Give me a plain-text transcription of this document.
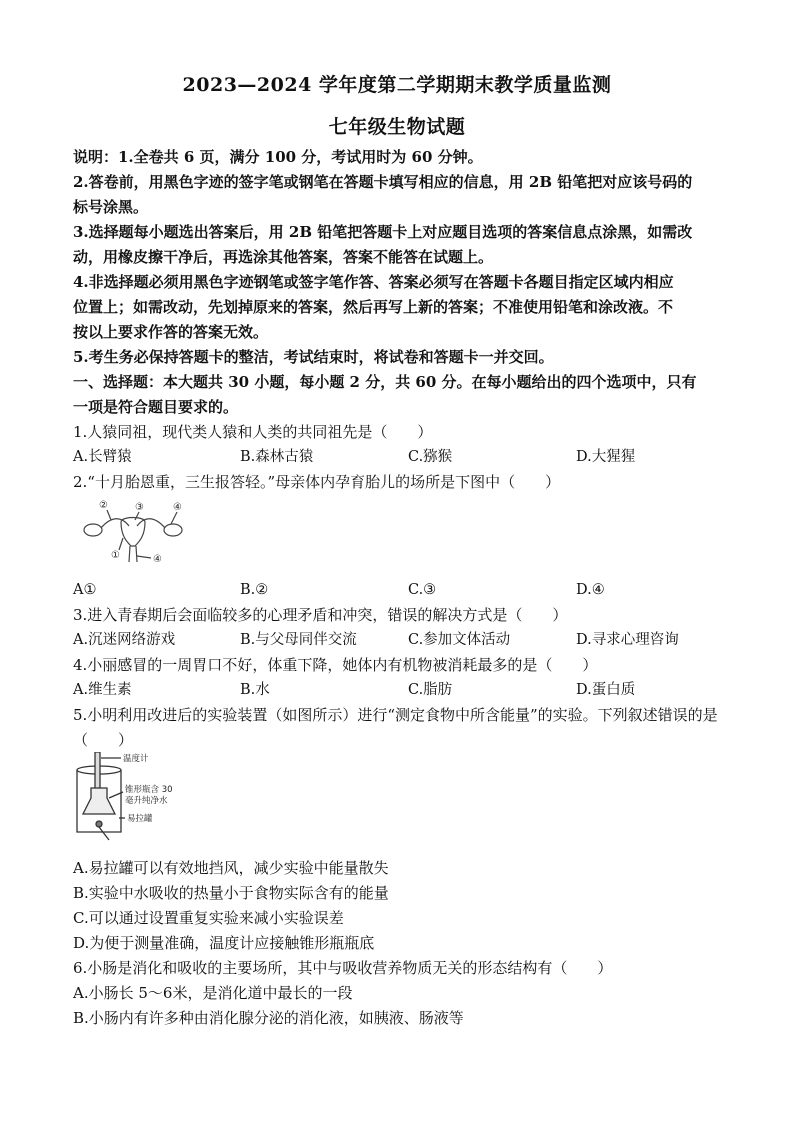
2023—2024 学年度第二学期期末教学质量监测
七年级生物试题
说明：1.全卷共 6 页，满分 100 分，考试用时为 60 分钟。
2.答卷前，用黑色字迹的签字笔或钢笔在答题卡填写相应的信息，用 2B 铅笔把对应该号码的
标号涂黑。
3.选择题每小题选出答案后，用 2B 铅笔把答题卡上对应题目选项的答案信息点涂黑，如需改
动，用橡皮擦干净后，再选涂其他答案，答案不能答在试题上。
4.非选择题必须用黑色字迹钢笔或签字笔作答、答案必须写在答题卡各题目指定区域内相应
位置上；如需改动，先划掉原来的答案，然后再写上新的答案；不准使用铅笔和涂改液。不
按以上要求作答的答案无效。
5.考生务必保持答题卡的整洁，考试结束时，将试卷和答题卡一并交回。
一、选择题：本大题共 30 小题，每小题 2 分，共 60 分。在每小题给出的四个选项中，只有
一项是符合题目要求的。
1.人猿同祖，现代类人猿和人类的共同祖先是（　　）
A.长臂猿	B.森林古猿	C.猕猴	D.大猩猩
2.“十月胎恩重，三生报答轻。”母亲体内孕育胎儿的场所是下图中（　　）
②	③	④
①	④
A①	B.②	C.③	D.④
3.进入青春期后会面临较多的心理矛盾和冲突，错误的解决方式是（　　）
A.沉迷网络游戏	B.与父母同伴交流	C.参加文体活动	D.寻求心理咨询
4.小丽感冒的一周胃口不好，体重下降，她体内有机物被消耗最多的是（　　）
A.维生素	B.水	C.脂肪	D.蛋白质
5.小明利用改进后的实验装置（如图所示）进行“测定食物中所含能量”的实验。下列叙述错误的是
（　　）
温度计
锥形瓶含 30
毫升纯净水
易拉罐
A.易拉罐可以有效地挡风，减少实验中能量散失
B.实验中水吸收的热量小于食物实际含有的能量
C.可以通过设置重复实验来减小实验误差
D.为便于测量准确，温度计应接触锥形瓶瓶底
6.小肠是消化和吸收的主要场所，其中与吸收营养物质无关的形态结构有（　　）
A.小肠长 5～6米，是消化道中最长的一段
B.小肠内有许多种由消化腺分泌的消化液，如胰液、肠液等
